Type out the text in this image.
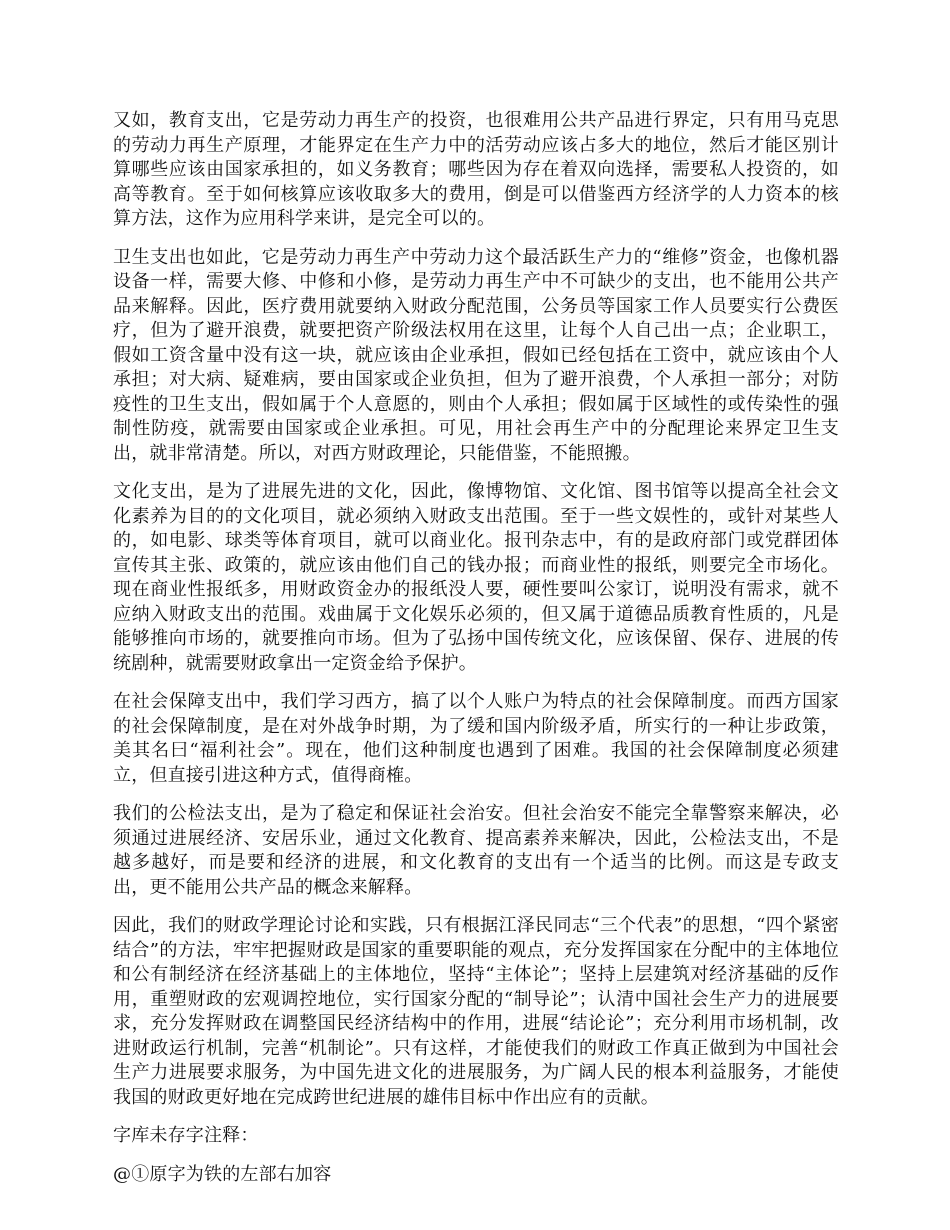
又如，教育支出，它是劳动力再生产的投资，也很难用公共产品进行界定，只有用马克思的劳动力再生产原理，才能界定在生产力中的活劳动应该占多大的地位，然后才能区别计算哪些应该由国家承担的，如义务教育；哪些因为存在着双向选择，需要私人投资的，如高等教育。至于如何核算应该收取多大的费用，倒是可以借鉴西方经济学的人力资本的核算方法，这作为应用科学来讲，是完全可以的。

卫生支出也如此，它是劳动力再生产中劳动力这个最活跃生产力的“维修”资金，也像机器设备一样，需要大修、中修和小修，是劳动力再生产中不可缺少的支出，也不能用公共产品来解释。因此，医疗费用就要纳入财政分配范围，公务员等国家工作人员要实行公费医疗，但为了避开浪费，就要把资产阶级法权用在这里，让每个人自己出一点；企业职工，假如工资含量中没有这一块，就应该由企业承担，假如已经包括在工资中，就应该由个人承担；对大病、疑难病，要由国家或企业负担，但为了避开浪费，个人承担一部分；对防疫性的卫生支出，假如属于个人意愿的，则由个人承担；假如属于区域性的或传染性的强制性防疫，就需要由国家或企业承担。可见，用社会再生产中的分配理论来界定卫生支出，就非常清楚。所以，对西方财政理论，只能借鉴，不能照搬。

文化支出，是为了进展先进的文化，因此，像博物馆、文化馆、图书馆等以提高全社会文化素养为目的的文化项目，就必须纳入财政支出范围。至于一些文娱性的，或针对某些人的，如电影、球类等体育项目，就可以商业化。报刊杂志中，有的是政府部门或党群团体宣传其主张、政策的，就应该由他们自己的钱办报；而商业性的报纸，则要完全市场化。现在商业性报纸多，用财政资金办的报纸没人要，硬性要叫公家订，说明没有需求，就不应纳入财政支出的范围。戏曲属于文化娱乐必须的，但又属于道德品质教育性质的，凡是能够推向市场的，就要推向市场。但为了弘扬中国传统文化，应该保留、保存、进展的传统剧种，就需要财政拿出一定资金给予保护。

在社会保障支出中，我们学习西方，搞了以个人账户为特点的社会保障制度。而西方国家的社会保障制度，是在对外战争时期，为了缓和国内阶级矛盾，所实行的一种让步政策，美其名曰“福利社会”。现在，他们这种制度也遇到了困难。我国的社会保障制度必须建立，但直接引进这种方式，值得商榷。

我们的公检法支出，是为了稳定和保证社会治安。但社会治安不能完全靠警察来解决，必须通过进展经济、安居乐业，通过文化教育、提高素养来解决，因此，公检法支出，不是越多越好，而是要和经济的进展，和文化教育的支出有一个适当的比例。而这是专政支出，更不能用公共产品的概念来解释。

因此，我们的财政学理论讨论和实践，只有根据江泽民同志“三个代表”的思想，“四个紧密结合”的方法，牢牢把握财政是国家的重要职能的观点，充分发挥国家在分配中的主体地位和公有制经济在经济基础上的主体地位，坚持“主体论”；坚持上层建筑对经济基础的反作用，重塑财政的宏观调控地位，实行国家分配的“制导论”；认清中国社会生产力的进展要求，充分发挥财政在调整国民经济结构中的作用，进展“结论论”；充分利用市场机制，改进财政运行机制，完善“机制论”。只有这样，才能使我们的财政工作真正做到为中国社会生产力进展要求服务，为中国先进文化的进展服务，为广阔人民的根本利益服务，才能使我国的财政更好地在完成跨世纪进展的雄伟目标中作出应有的贡献。

字库未存字注释：

@①原字为铁的左部右加容
